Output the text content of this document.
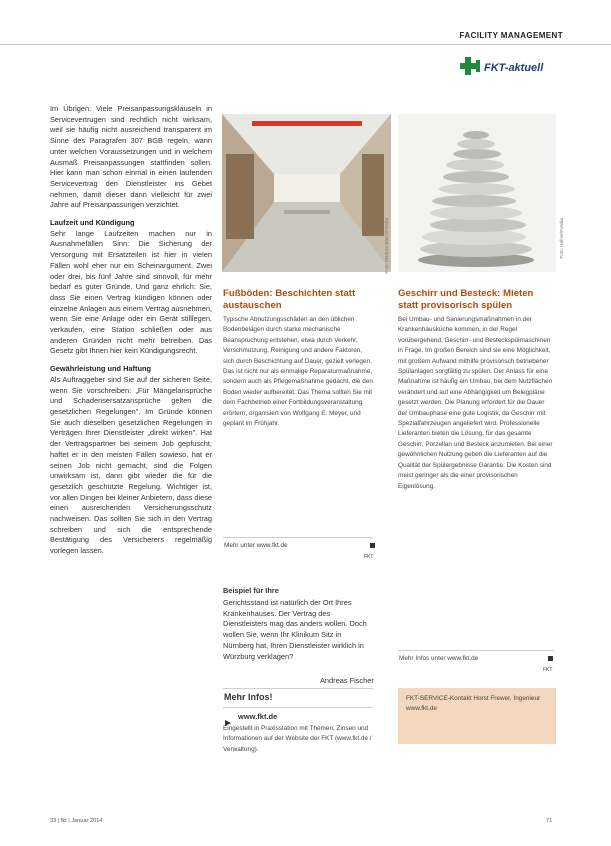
FACILITY MANAGEMENT
FKT-aktuell

Im Übrigen: Viele Preisanpassungsklauseln in Servicevertrugen sind rechtlich nicht wirksam, weil sie häufig nicht ausreichend transparent im Sinne des Paragrafen 307 BGB regeln, wann unter welchen Voraussetzungen und in welchem Ausmaß Preisanpassungen stattfinden sollen. Hier kann man schon einmal in einen laufenden Servicevertrag den Dienstleister ins Gebet nehmen, damit dieser dann vielleicht für zwei Jahre auf Preisanpassungen verzichtet.

Laufzeit und Kündigung

Sehr lange Laufzeiten machen nur in Ausnahmefällen Sinn: Die Sicherung der Versorgung mit Ersatzteilen ist hier in vielen Fällen wohl eher nur ein Scheinargument. Zwei oder drei, bis fünf Jahre sind sinnvoll, für mehr bedarf es guter Gründe. Und ganz ehrlich: Sie, dass Sie einen Vertrag kündigen können oder einzelne Anlagen aus einem Vertrag ausnehmen, wenn Sie eine Anlage oder ein Gerät stilllegen, verkaufen, eine Station schließen oder aus anderen Gründen nicht mehr betreiben. Das Gesetz gibt Ihnen hier kein Kündigungsrecht.

Gewährleistung und Haftung

Als Auftraggeber sind Sie auf der sicheren Seite, wenn Sie vorschreiben: „Für Mängelansprüche und Schadensersatzansprüche gelten die gesetzlichen Regelungen". Im Gründe können Sie auch dieselben gesetzlichen Regelungen in Verträgen Ihrer Dienstleister „direkt wirken". Hat der Vertragspartner bei seinem Job gepfuscht, haftet er in den meisten Fällen sowieso, hat er seinen Job nicht gemacht, sind die Folgen unwirksam ist, dann gibt wieder die für die gesetzlich geschützte Regelung. Wichtiger ist, vor allen Dingen bei kleiner Anbietern, dass diese einen ausreichenden Versicherungsschutz nachweisen. Das sollten Sie sich in den Vertrag schreiben und sich die entsprechende Bestätigung des Versicherers regelmäßig vorlegen lassen.

Foto: Mariusz Blach/Fotolia	Foto: Hafner/Fotolia
Fußböden: Beschichten statt austauschen
Typische Abnutzungsschäden an den üblichen Bodenbelägen durch starke mechanische Beanspruchung entstehen, etwa durch Verkehr, Verschmutzung, Reinigung und andere Faktoren, sich durch Beschichtung auf Dauer, gezielt verlegen. Das ist nicht nur als einmalige Reparaturmaßnahme, sondern auch als Pflegemaßnahme gedacht, die den Boden wieder aufbereitet. Das Thema sollten Sie mit dem Fachbetrieb einer Fortbildungsveranstaltung erörtern, organisiert von Wolfgang E. Meyer, und geplant im Frühjahr.
Mehr unter www.fkt.de
FKT
Beispiel für Ihre
Gerichtsstand ist natürlich der Ort Ihres Krankenhauses. Der Vertrag des Dienstleisters mag das anders wollen. Doch wollen Sie, wenn Ihr Klinikum Sitz in Nürnberg hat, Ihren Dienstleister wirklich in Würzburg verklagen?
Andreas Fischer
Mehr Infos!
www.fkt.de
Eingestellt in Praxisstation mit Themen, Zinsen und Informationen auf der Website der FKT (www.fkt.de / Verwaltung).
Geschirr und Besteck: Mieten statt provisorisch spülen
Bei Umbau- und Sanierungsmaßnahmen in der Krankenhausküche kommen, in der Regel vorübergehend, Geschirr- und Besteckspülmaschinen in Frage. Im großen Bereich sind sie eine Möglichkeit, mit großem Aufwand mithilfe provisorisch betriebener Spülanlagen sorgfältig zu spülen. Der Anlass für eine Maßnahme ist häufig ein Umbau, bei dem Nutzflächen verändert und auf eine Abhängigkeit um Belegpläne gesetzt werden. Die Planung erfordert für die Dauer der Umbauphase eine gute Logistik, da Geschirr mit Spezialfahrzeugen angeliefert wird. Professionelle Lieferanten bieten die Lösung, für das gesamte Geschirr, Porzellan und Besteck anzumieten. Bei einer gewöhnlichen Nutzung geben die Lieferanten auf die Qualität der Spülergebnisse Garantie. Die Kosten sind meist geringer als die einer provisorischen Eigenlösung.
Mehr Infos unter www.fkt.de
FKT
FKT-SERVICE-Kontakt Horst Frewer, Ingenieur www.fkt.de
33 | fkt | Januar 2014	71
